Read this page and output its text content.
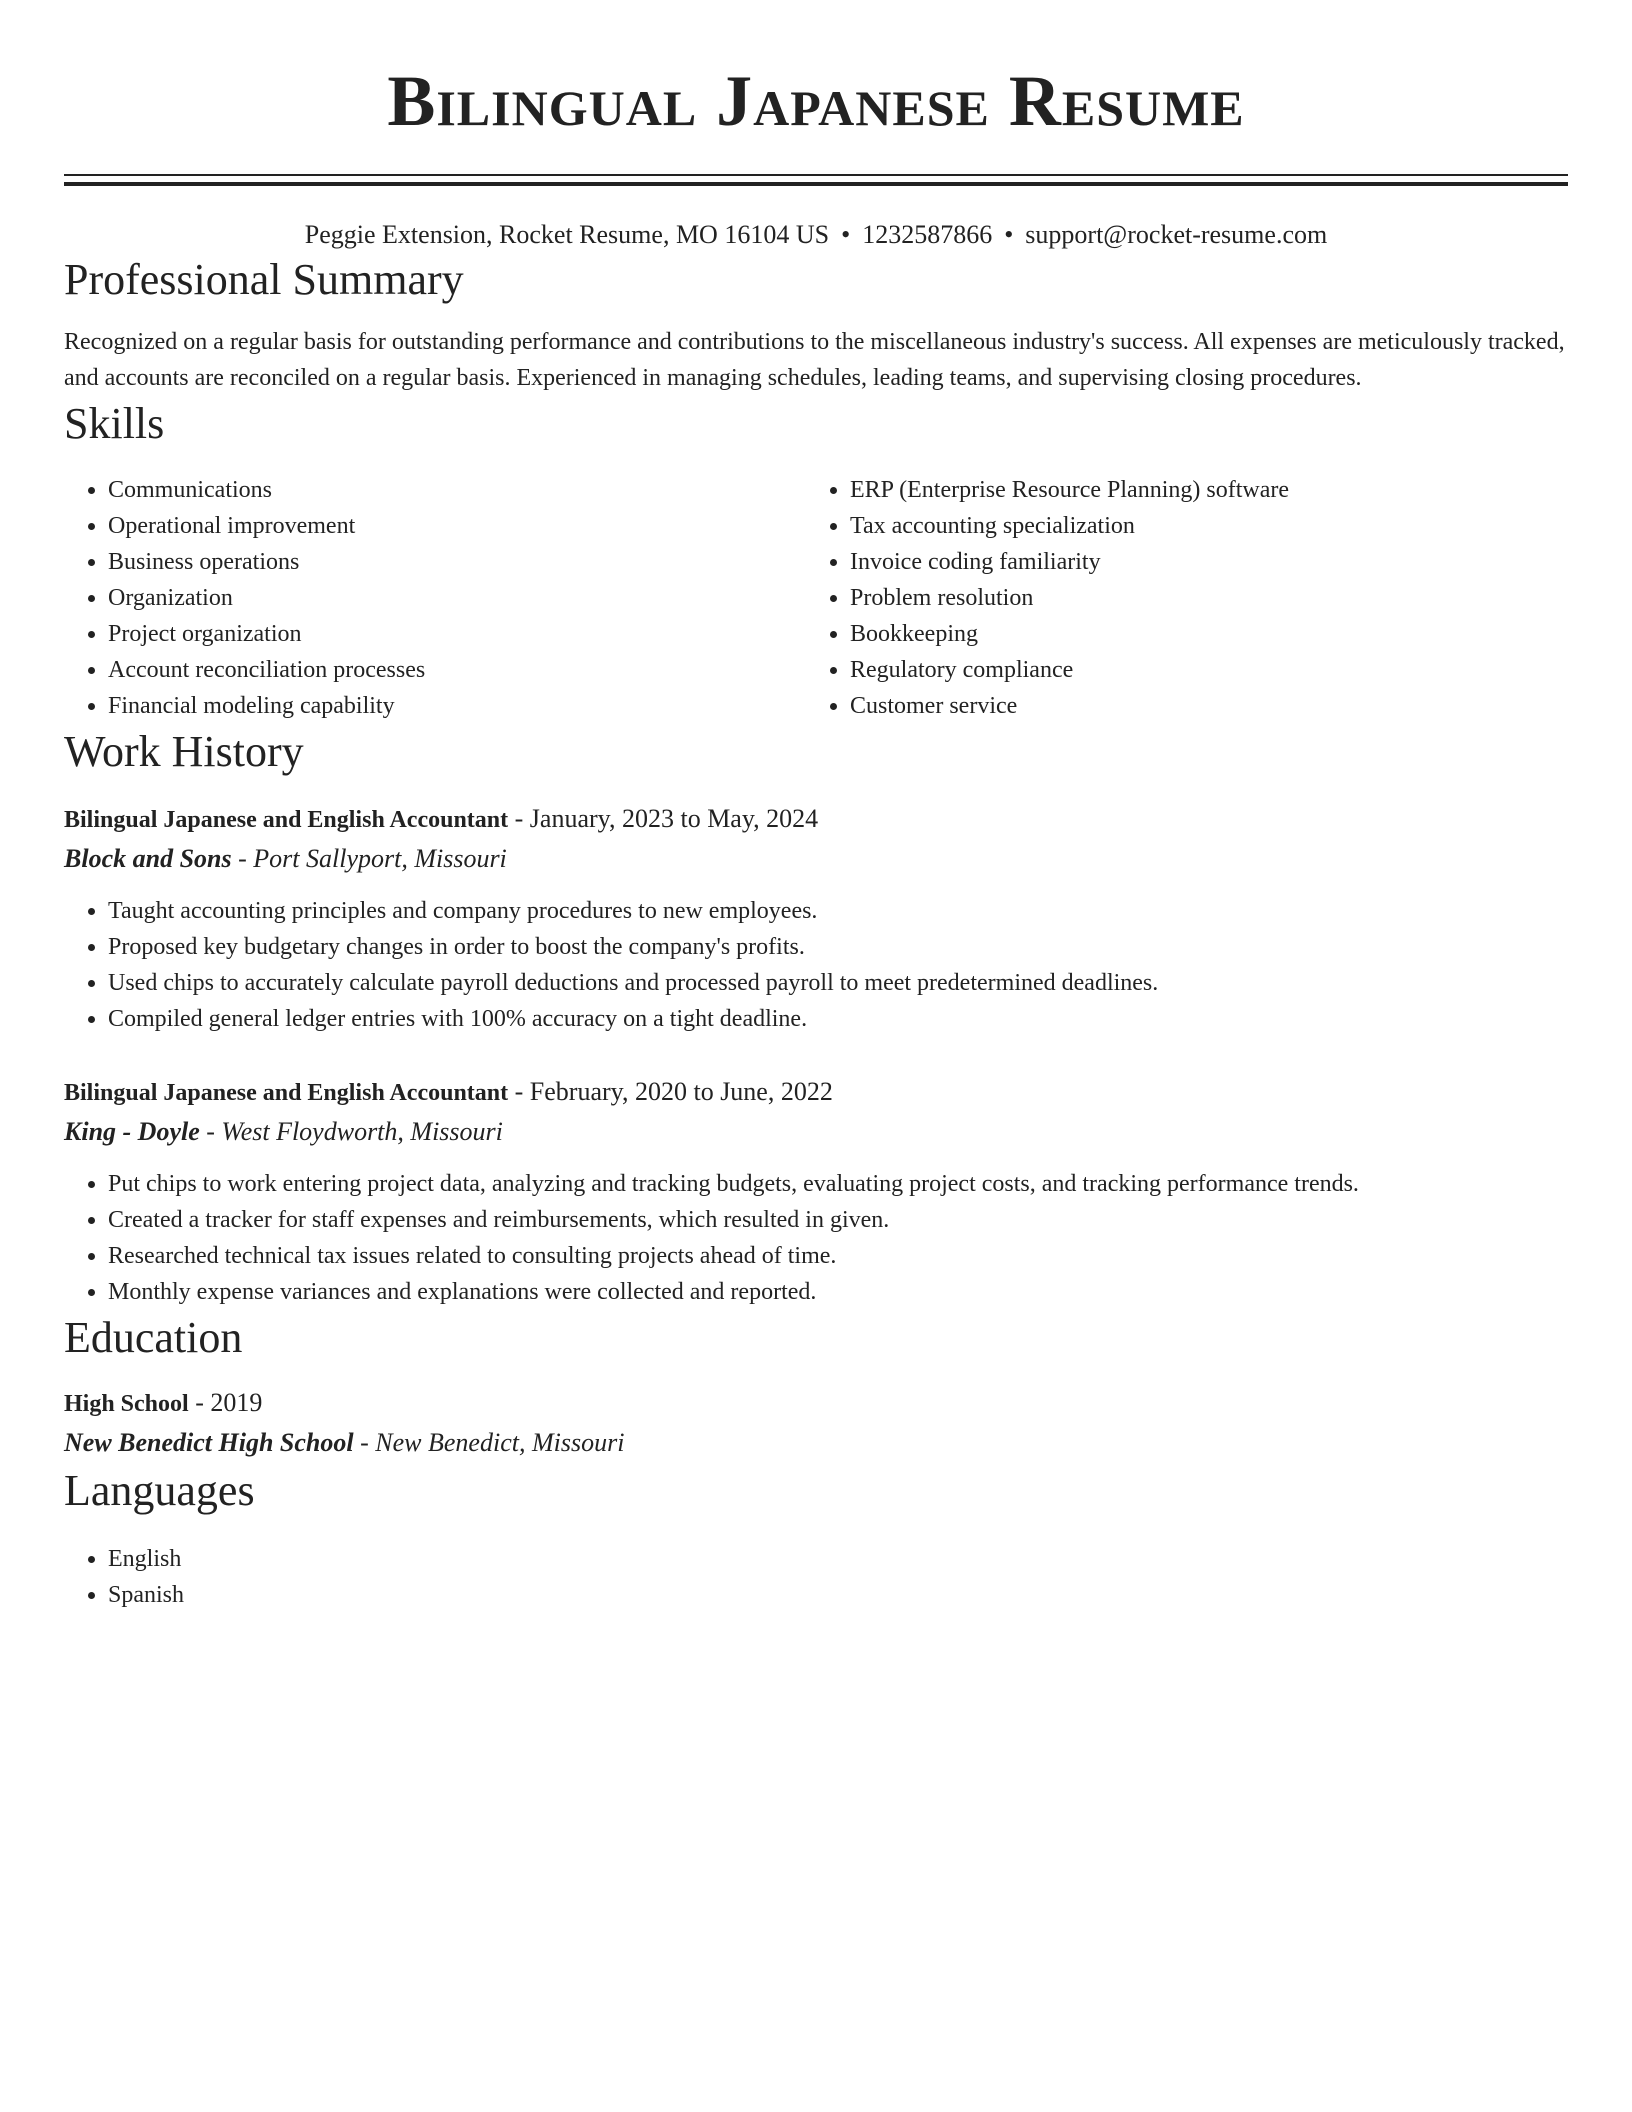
Bilingual Japanese Resume
Peggie Extension, Rocket Resume, MO 16104 US • 1232587866 • support@rocket-resume.com
Professional Summary
Recognized on a regular basis for outstanding performance and contributions to the miscellaneous industry's success. All expenses are meticulously tracked, and accounts are reconciled on a regular basis. Experienced in managing schedules, leading teams, and supervising closing procedures.
Skills
• Communications
• Operational improvement
• Business operations
• Organization
• Project organization
• Account reconciliation processes
• Financial modeling capability
• ERP (Enterprise Resource Planning) software
• Tax accounting specialization
• Invoice coding familiarity
• Problem resolution
• Bookkeeping
• Regulatory compliance
• Customer service
Work History
Bilingual Japanese and English Accountant - January, 2023 to May, 2024
Block and Sons - Port Sallyport, Missouri
• Taught accounting principles and company procedures to new employees.
• Proposed key budgetary changes in order to boost the company's profits.
• Used chips to accurately calculate payroll deductions and processed payroll to meet predetermined deadlines.
• Compiled general ledger entries with 100% accuracy on a tight deadline.
Bilingual Japanese and English Accountant - February, 2020 to June, 2022
King - Doyle - West Floydworth, Missouri
• Put chips to work entering project data, analyzing and tracking budgets, evaluating project costs, and tracking performance trends.
• Created a tracker for staff expenses and reimbursements, which resulted in given.
• Researched technical tax issues related to consulting projects ahead of time.
• Monthly expense variances and explanations were collected and reported.
Education
High School - 2019
New Benedict High School - New Benedict, Missouri
Languages
• English
• Spanish
